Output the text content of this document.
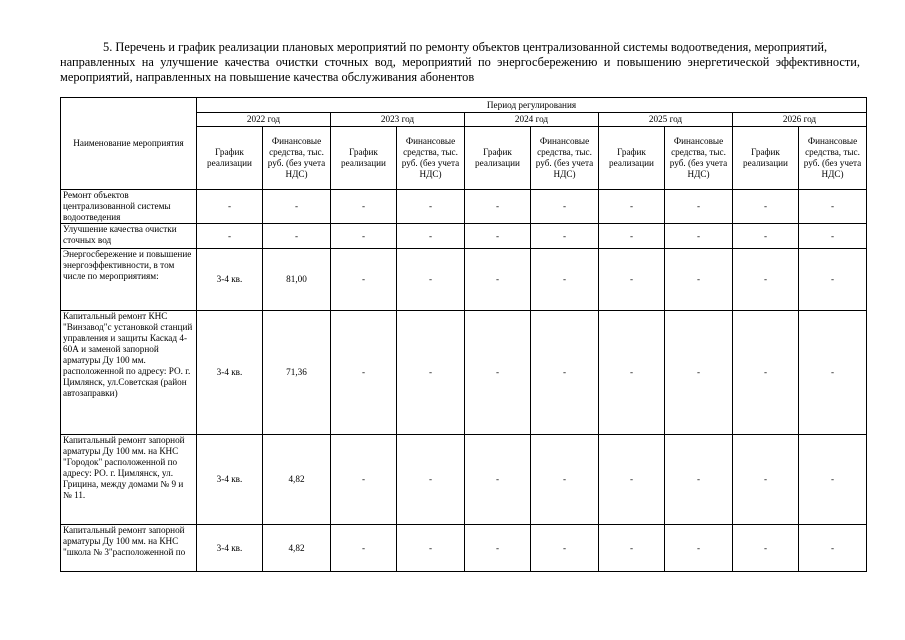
5. Перечень и график реализации плановых мероприятий по ремонту объектов централизованной системы водоотведения, мероприятий,
направленных на улучшение качества очистки сточных вод, мероприятий по энергосбережению и повышению энергетической эффективности, мероприятий, направленных на повышение качества обслуживания абонентов
Наименование мероприятия	Период регулирования									
	2022 год		2023 год		2024 год		2025 год		2026 год	
	График реализации	Финансовые средства, тыс. руб. (без учета НДС)	График реализации	Финансовые средства, тыс. руб. (без учета НДС)	График реализации	Финансовые средства, тыс. руб. (без учета НДС)	График реализации	Финансовые средства, тыс. руб. (без учета НДС)	График реализации	Финансовые средства, тыс. руб. (без учета НДС)
Ремонт объектов централизованной системы водоотведения	-	-	-	-	-	-	-	-	-	-
Улучшение качества очистки сточных вод	-	-	-	-	-	-	-	-	-	-
Энергосбережение и повышение энергоэффективности, в том числе по мероприятиям:	3-4 кв.	81,00	-	-	-	-	-	-	-	-
Капитальный ремонт КНС "Винзавод"с установкой станций управления и защиты Каскад 4-60А и заменой запорной арматуры Ду 100 мм. расположенной по адресу: РО. г. Цимлянск, ул.Советская (район автозаправки)	3-4 кв.	71,36	-	-	-	-	-	-	-	-
Капитальный ремонт запорной арматуры Ду 100 мм. на КНС "Городок" расположенной по адресу: РО. г. Цимлянск, ул. Грицина, между домами № 9 и № 11.	3-4 кв.	4,82	-	-	-	-	-	-	-	-
Капитальный ремонт запорной арматуры Ду 100 мм. на КНС "школа № 3"расположенной по	3-4 кв.	4,82	-	-	-	-	-	-	-	-
